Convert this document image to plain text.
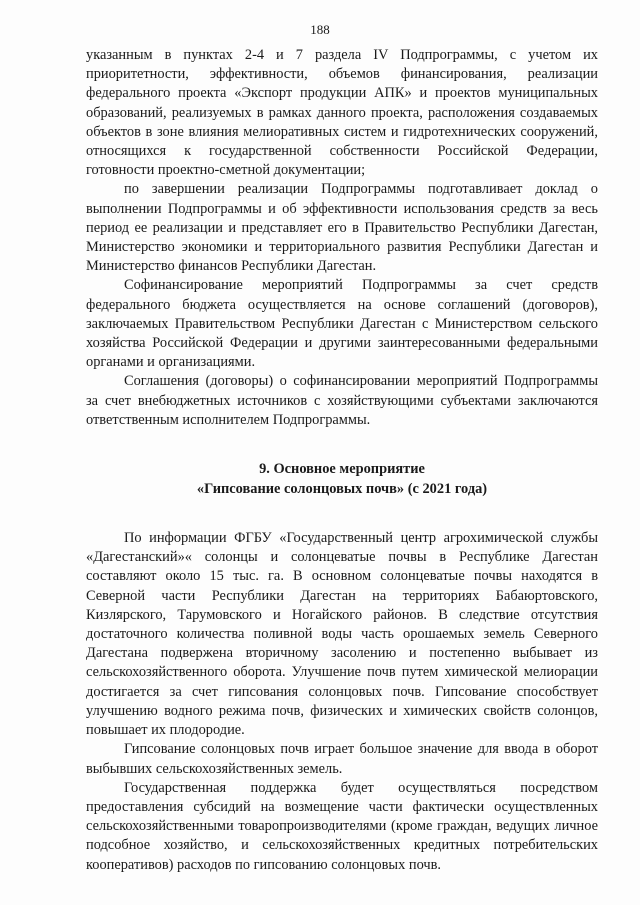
188

указанным в пунктах 2-4 и 7 раздела IV Подпрограммы, с учетом их приоритетности, эффективности, объемов финансирования, реализации федерального проекта «Экспорт продукции АПК» и проектов муниципальных образований, реализуемых в рамках данного проекта, расположения создаваемых объектов в зоне влияния мелиоративных систем и гидротехнических сооружений, относящихся к государственной собственности Российской Федерации, готовности проектно-сметной документации;

по завершении реализации Подпрограммы подготавливает доклад о выполнении Подпрограммы и об эффективности использования средств за весь период ее реализации и представляет его в Правительство Республики Дагестан, Министерство экономики и территориального развития Республики Дагестан и Министерство финансов Республики Дагестан.

Софинансирование мероприятий Подпрограммы за счет средств федерального бюджета осуществляется на основе соглашений (договоров), заключаемых Правительством Республики Дагестан с Министерством сельского хозяйства Российской Федерации и другими заинтересованными федеральными органами и организациями.

Соглашения (договоры) о софинансировании мероприятий Подпрограммы за счет внебюджетных источников с хозяйствующими субъектами заключаются ответственным исполнителем Подпрограммы.

9. Основное мероприятие
«Гипсование солонцовых почв» (с 2021 года)

По информации ФГБУ «Государственный центр агрохимической службы «Дагестанский»« солонцы и солонцеватые почвы в Республике Дагестан составляют около 15 тыс. га. В основном солонцеватые почвы находятся в Северной части Республики Дагестан на территориях Бабаюртовского, Кизлярского, Тарумовского и Ногайского районов. В следствие отсутствия достаточного количества поливной воды часть орошаемых земель Северного Дагестана подвержена вторичному засолению и постепенно выбывает из сельскохозяйственного оборота. Улучшение почв путем химической мелиорации достигается за счет гипсования солонцовых почв. Гипсование способствует улучшению водного режима почв, физических и химических свойств солонцов, повышает их плодородие.

Гипсование солонцовых почв играет большое значение для ввода в оборот выбывших сельскохозяйственных земель.

Государственная поддержка будет осуществляться посредством предоставления субсидий на возмещение части фактически осуществленных сельскохозяйственными товаропроизводителями (кроме граждан, ведущих личное подсобное хозяйство, и сельскохозяйственных кредитных потребительских кооперативов) расходов по гипсованию солонцовых почв.
